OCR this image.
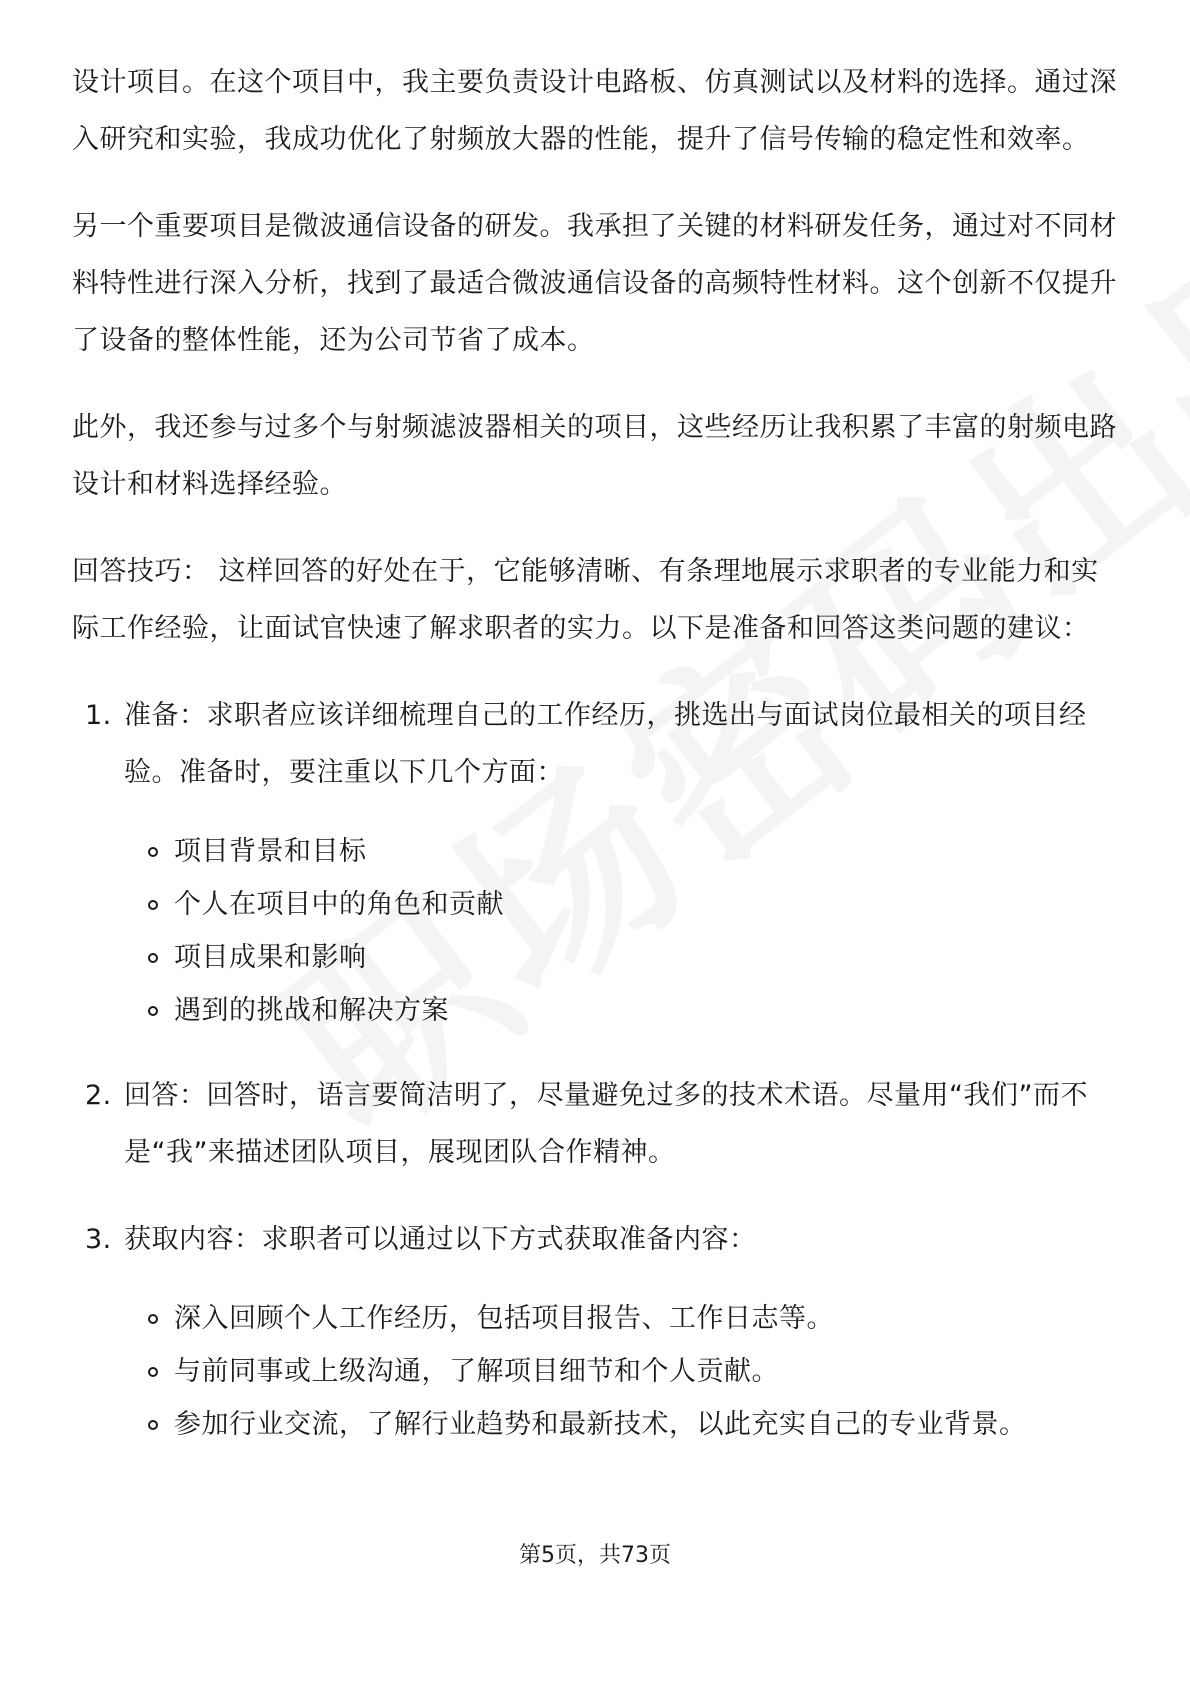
设计项目。在这个项目中，我主要负责设计电路板、仿真测试以及材料的选择。通过深入研究和实验，我成功优化了射频放大器的性能，提升了信号传输的稳定性和效率。

另一个重要项目是微波通信设备的研发。我承担了关键的材料研发任务，通过对不同材料特性进行深入分析，找到了最适合微波通信设备的高频特性材料。这个创新不仅提升了设备的整体性能，还为公司节省了成本。

此外，我还参与过多个与射频滤波器相关的项目，这些经历让我积累了丰富的射频电路设计和材料选择经验。

回答技巧： 这样回答的好处在于，它能够清晰、有条理地展示求职者的专业能力和实际工作经验，让面试官快速了解求职者的实力。以下是准备和回答这类问题的建议：

1. 准备：求职者应该详细梳理自己的工作经历，挑选出与面试岗位最相关的项目经验。准备时，要注重以下几个方面：
项目背景和目标
个人在项目中的角色和贡献
项目成果和影响
遇到的挑战和解决方案
2. 回答：回答时，语言要简洁明了，尽量避免过多的技术术语。尽量用“我们”而不是“我”来描述团队项目，展现团队合作精神。
3. 获取内容：求职者可以通过以下方式获取准备内容：
深入回顾个人工作经历，包括项目报告、工作日志等。
与前同事或上级沟通，了解项目细节和个人贡献。
参加行业交流，了解行业趋势和最新技术，以此充实自己的专业背景。
第5页，共73页
